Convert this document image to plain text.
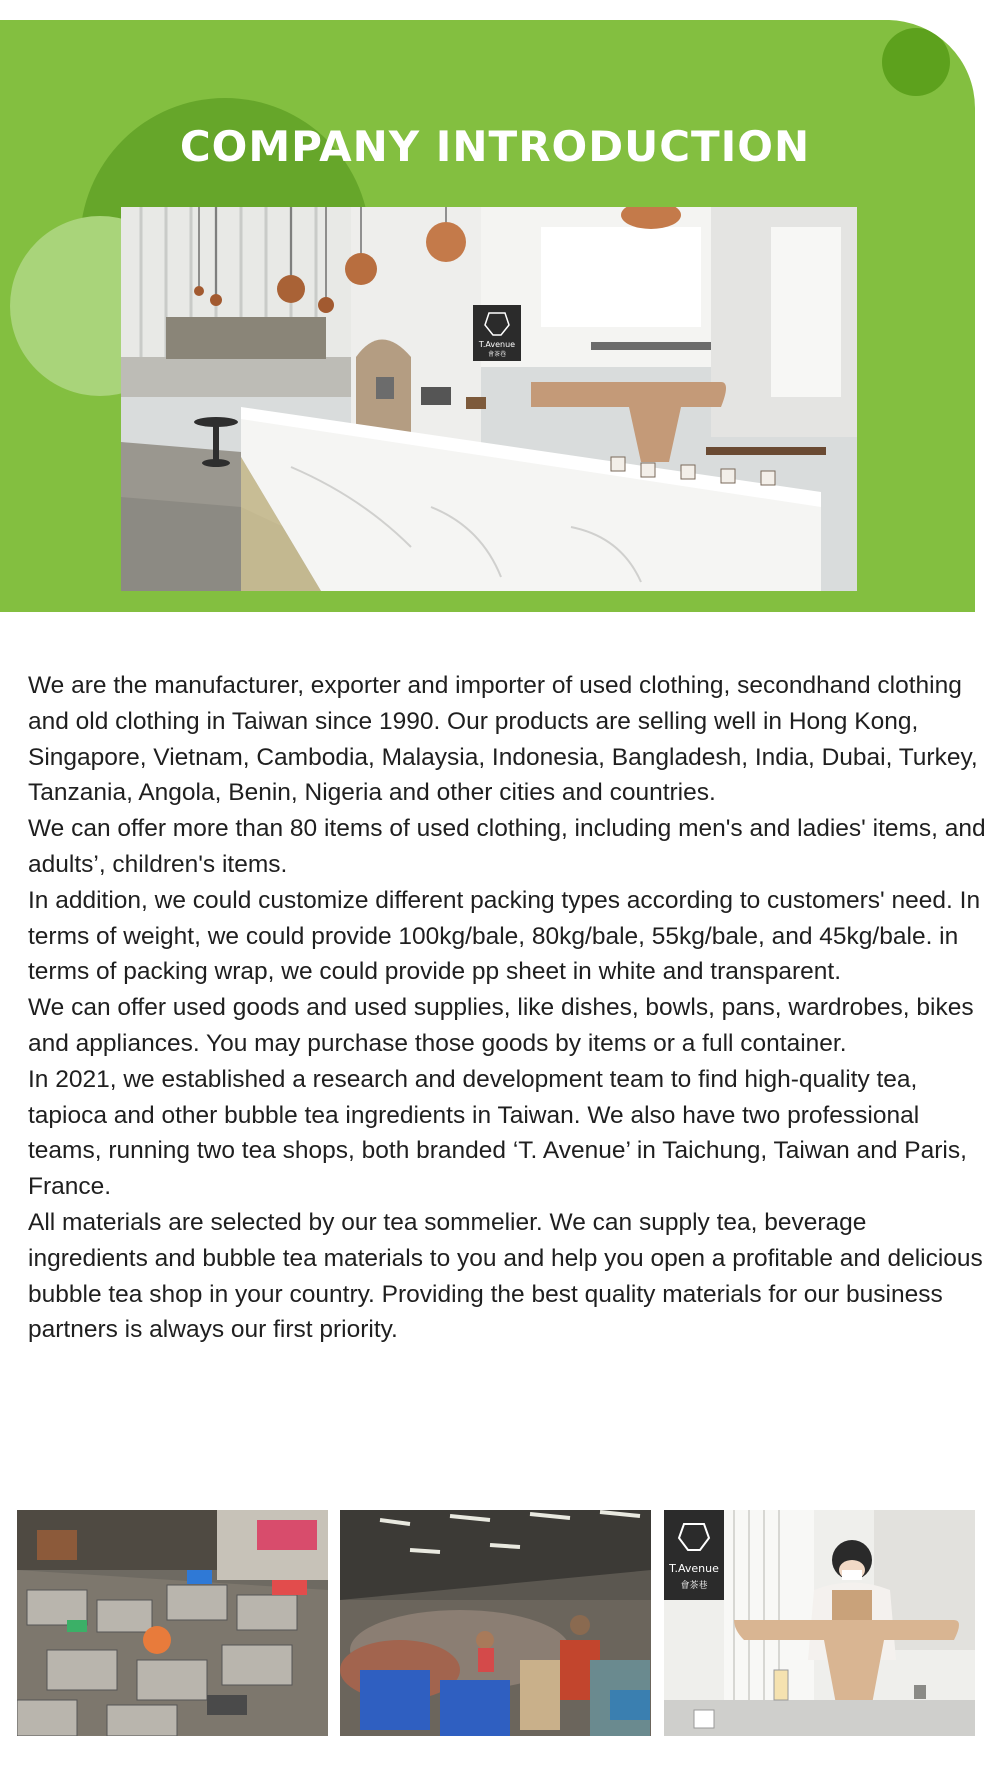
COMPANY INTRODUCTION
T.Avenue
會茶巷

We are the manufacturer, exporter and importer of used clothing, secondhand clothing and old clothing in Taiwan since 1990. Our products are selling well in Hong Kong,

Singapore, Vietnam, Cambodia, Malaysia, Indonesia, Bangladesh, India, Dubai, Turkey, Tanzania, Angola, Benin, Nigeria and other cities and countries.

We can offer more than 80 items of used clothing, including men's and ladies' items, and adults’, children's items.

In addition, we could customize different packing types according to customers' need. In terms of weight, we could provide 100kg/bale, 80kg/bale, 55kg/bale, and 45kg/bale. in terms of packing wrap, we could provide pp sheet in white and transparent.

We can offer used goods and used supplies, like dishes, bowls, pans, wardrobes, bikes and appliances. You may purchase those goods by items or a full container.

In 2021, we established a research and development team to find high-quality tea, tapioca and other bubble tea ingredients in Taiwan. We also have two professional teams, running two tea shops, both branded ‘T. Avenue’ in Taichung, Taiwan and Paris, France.

All materials are selected by our tea sommelier. We can supply tea, beverage ingredients and bubble tea materials to you and help you open a profitable and delicious bubble tea shop in your country. Providing the best quality materials for our business partners is always our first priority.

T.Avenue
會茶巷
